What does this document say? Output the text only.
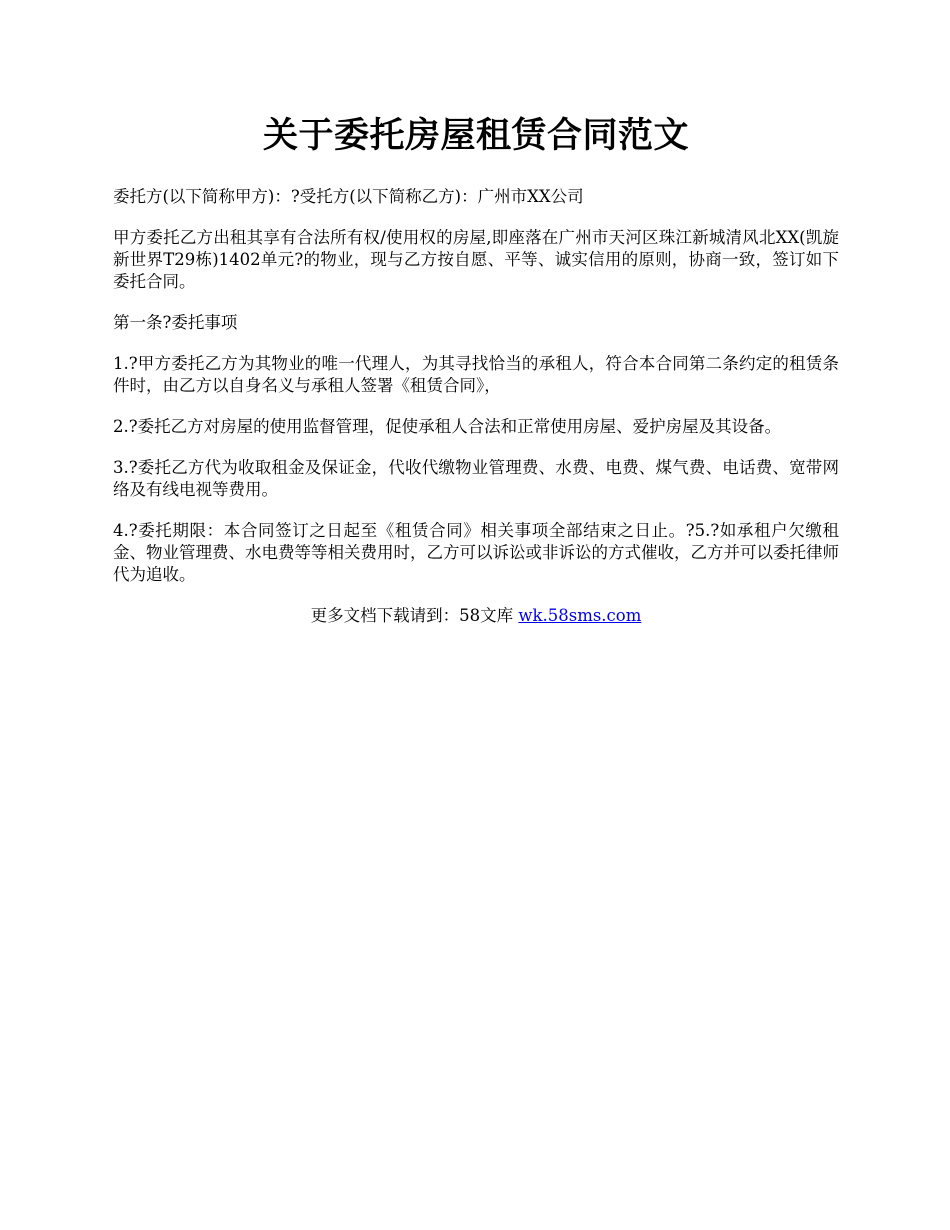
关于委托房屋租赁合同范文

委托方(以下简称甲方)：?受托方(以下简称乙方)：广州市XX公司

甲方委托乙方出租其享有合法所有权/使用权的房屋,即座落在广州市天河区珠江新城清风北XX(凯旋新世界T29栋)1402单元?的物业，现与乙方按自愿、平等、诚实信用的原则，协商一致，签订如下委托合同。

第一条?委托事项

1.?甲方委托乙方为其物业的唯一代理人，为其寻找恰当的承租人，符合本合同第二条约定的租赁条件时，由乙方以自身名义与承租人签署《租赁合同》，

2.?委托乙方对房屋的使用监督管理，促使承租人合法和正常使用房屋、爱护房屋及其设备。

3.?委托乙方代为收取租金及保证金，代收代缴物业管理费、水费、电费、煤气费、电话费、宽带网络及有线电视等费用。

4.?委托期限：本合同签订之日起至《租赁合同》相关事项全部结束之日止。?5.?如承租户欠缴租金、物业管理费、水电费等等相关费用时，乙方可以诉讼或非诉讼的方式催收，乙方并可以委托律师代为追收。

更多文档下载请到：58文库 wk.58sms.com
